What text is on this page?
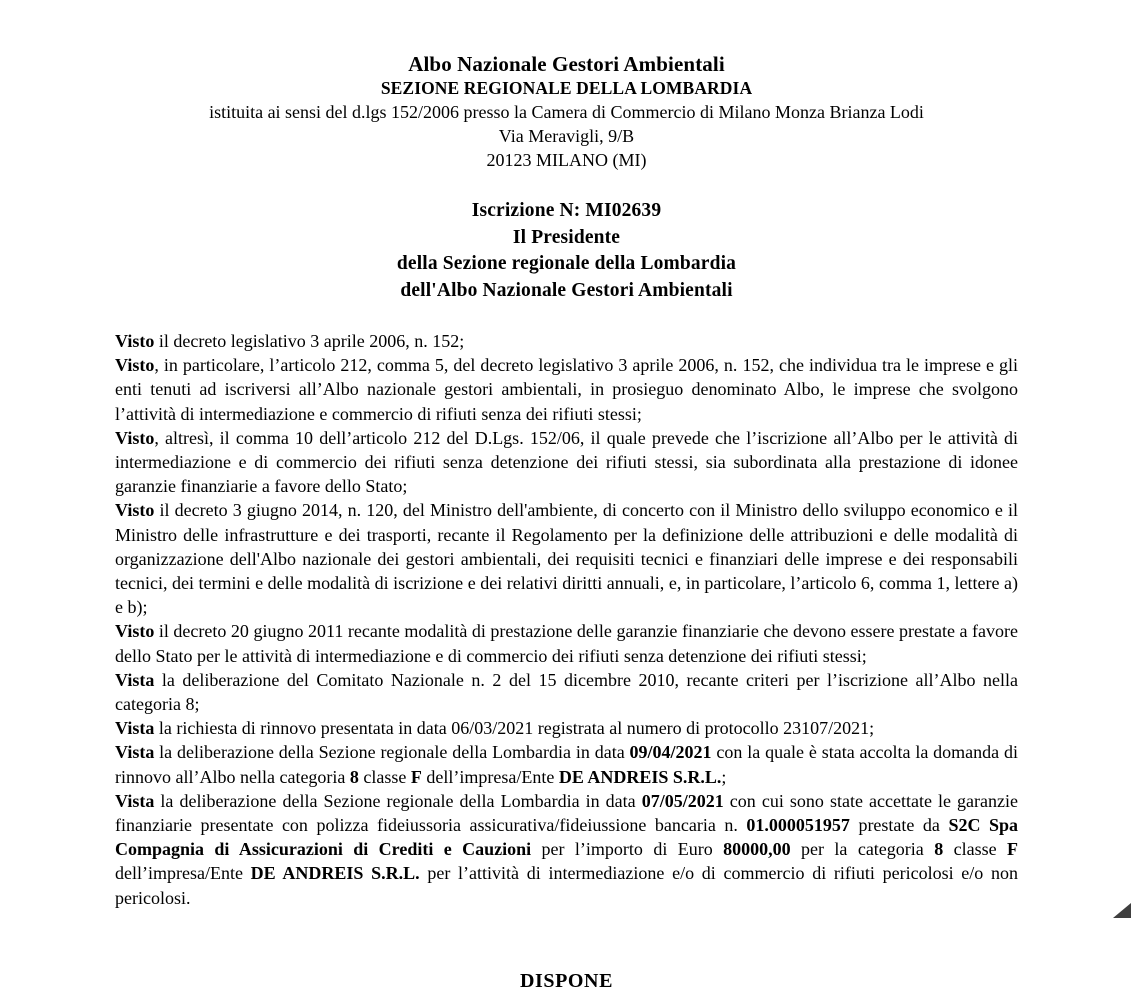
Albo Nazionale Gestori Ambientali
SEZIONE REGIONALE DELLA LOMBARDIA
istituita ai sensi del d.lgs 152/2006 presso la Camera di Commercio di Milano Monza Brianza Lodi
Via Meravigli, 9/B
20123 MILANO (MI)
Iscrizione N: MI02639
Il Presidente
della Sezione regionale della Lombardia
dell'Albo Nazionale Gestori Ambientali

Visto il decreto legislativo 3 aprile 2006, n. 152;

Visto, in particolare, l’articolo 212, comma 5, del decreto legislativo 3 aprile 2006, n. 152, che individua tra le imprese e gli enti tenuti ad iscriversi all’Albo nazionale gestori ambientali, in prosieguo denominato Albo, le imprese che svolgono l’attività di intermediazione e commercio di rifiuti senza dei rifiuti stessi;

Visto, altresì, il comma 10 dell’articolo 212 del D.Lgs. 152/06, il quale prevede che l’iscrizione all’Albo per le attività di intermediazione e di commercio dei rifiuti senza detenzione dei rifiuti stessi, sia subordinata alla prestazione di idonee garanzie finanziarie a favore dello Stato;

Visto il decreto 3 giugno 2014, n. 120, del Ministro dell'ambiente, di concerto con il Ministro dello sviluppo economico e il Ministro delle infrastrutture e dei trasporti, recante il Regolamento per la definizione delle attribuzioni e delle modalità di organizzazione dell'Albo nazionale dei gestori ambientali, dei requisiti tecnici e finanziari delle imprese e dei responsabili tecnici, dei termini e delle modalità di iscrizione e dei relativi diritti annuali, e, in particolare, l’articolo 6, comma 1, lettere a) e b);

Visto il decreto 20 giugno 2011 recante modalità di prestazione delle garanzie finanziarie che devono essere prestate a favore dello Stato per le attività di intermediazione e di commercio dei rifiuti senza detenzione dei rifiuti stessi;

Vista la deliberazione del Comitato Nazionale n. 2 del 15 dicembre 2010, recante criteri per l’iscrizione all’Albo nella categoria 8;

Vista la richiesta di rinnovo presentata in data 06/03/2021 registrata al numero di protocollo 23107/2021;

Vista la deliberazione della Sezione regionale della Lombardia in data 09/04/2021 con la quale è stata accolta la domanda di rinnovo all’Albo nella categoria 8 classe F dell’impresa/Ente DE ANDREIS S.R.L.;

Vista la deliberazione della Sezione regionale della Lombardia in data 07/05/2021 con cui sono state accettate le garanzie finanziarie presentate con polizza fideiussoria assicurativa/fideiussione bancaria n. 01.000051957 prestate da S2C Spa Compagnia di Assicurazioni di Crediti e Cauzioni per l’importo di Euro 80000,00 per la categoria 8 classe F dell’impresa/Ente DE ANDREIS S.R.L. per l’attività di intermediazione e/o di commercio di rifiuti pericolosi e/o non pericolosi.

DISPONE
